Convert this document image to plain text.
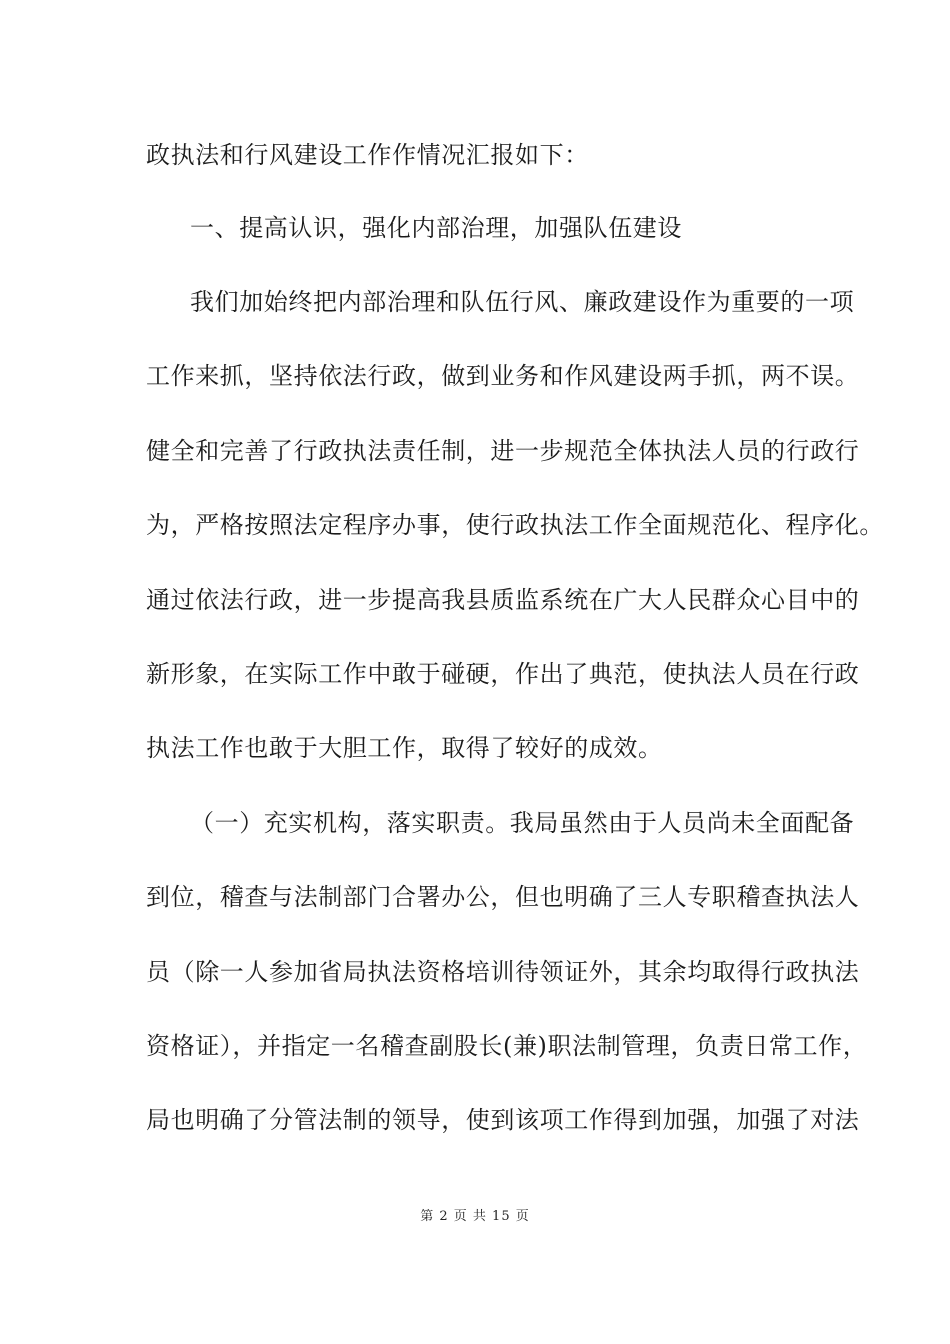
政执法和行风建设工作作情况汇报如下：
一、提高认识，强化内部治理，加强队伍建设
我们加始终把内部治理和队伍行风、廉政建设作为重要的一项
工作来抓，坚持依法行政，做到业务和作风建设两手抓，两不误。
健全和完善了行政执法责任制，进一步规范全体执法人员的行政行
为，严格按照法定程序办事，使行政执法工作全面规范化、程序化。
通过依法行政，进一步提高我县质监系统在广大人民群众心目中的
新形象，在实际工作中敢于碰硬，作出了典范，使执法人员在行政
执法工作也敢于大胆工作，取得了较好的成效。
（一）充实机构，落实职责。我局虽然由于人员尚未全面配备
到位，稽查与法制部门合署办公，但也明确了三人专职稽查执法人
员（除一人参加省局执法资格培训待领证外，其余均取得行政执法
资格证），并指定一名稽查副股长(兼)职法制管理，负责日常工作，
局也明确了分管法制的领导，使到该项工作得到加强，加强了对法
第 2 页 共 15 页
